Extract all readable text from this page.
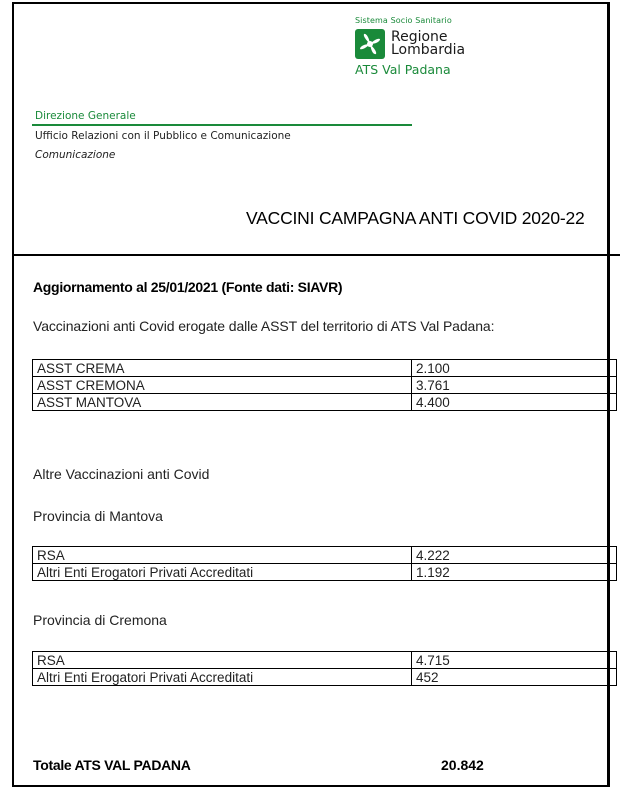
Sistema Socio Sanitario
Regione
Lombardia
ATS Val Padana
Direzione Generale
Ufficio Relazioni con il Pubblico e Comunicazione
Comunicazione
VACCINI CAMPAGNA ANTI COVID 2020-22
Aggiornamento al 25/01/2021 (Fonte dati: SIAVR)
Vaccinazioni anti Covid erogate dalle ASST del territorio di ATS Val Padana:
ASST CREMA	2.100
ASST CREMONA	3.761
ASST MANTOVA	4.400
Altre Vaccinazioni anti Covid
Provincia di Mantova
RSA	4.222
Altri Enti Erogatori Privati Accreditati	1.192
Provincia di Cremona
RSA	4.715
Altri Enti Erogatori Privati Accreditati	452
Totale ATS VAL PADANA	20.842
